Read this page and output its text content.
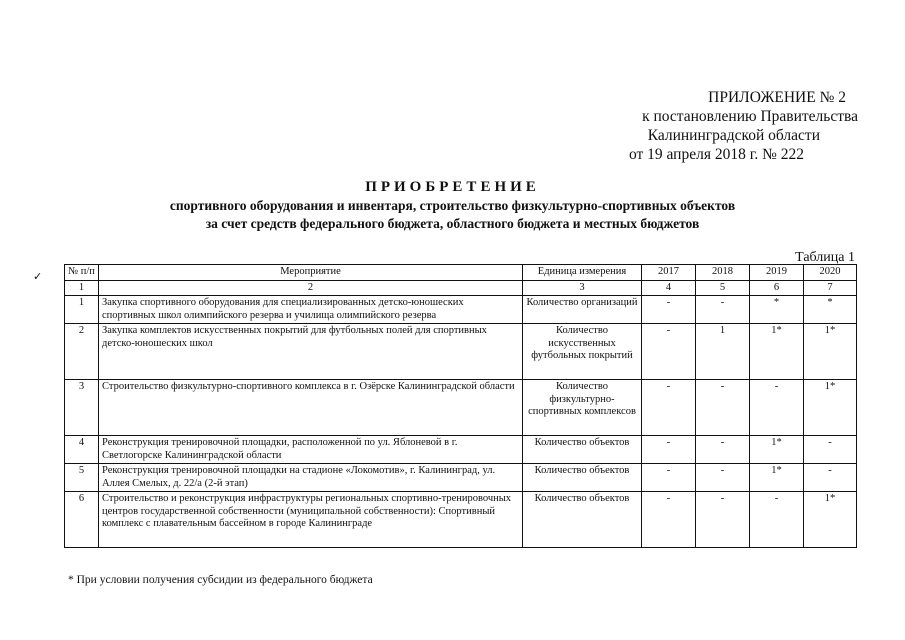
ПРИЛОЖЕНИЕ № 2
к постановлению Правительства
Калининградской области
от 19 апреля 2018 г. № 222
ПРИОБРЕТЕНИЕ
спортивного оборудования и инвентаря, строительство физкультурно-спортивных объектов
за счет средств федерального бюджета, областного бюджета и местных бюджетов
Таблица 1
✓ № п/п	Мероприятие	Единица измерения	2017	2018	2019	2020
1	2	3	4	5	6	7
1	Закупка спортивного оборудования для специализированных детско-юношеских спортивных школ олимпийского резерва и училища олимпийского резерва	Количество организаций	-	-	*	*
2	Закупка комплектов искусственных покрытий для футбольных полей для спортивных детско-юношеских школ	Количество искусственных футбольных покрытий	-	1	1*	1*
3	Строительство физкультурно-спортивного комплекса в г. Озёрске Калининградской области	Количество физкультурно-спортивных комплексов	-	-	-	1*
4	Реконструкция тренировочной площадки, расположенной по ул. Яблоневой в г. Светлогорске Калининградской области	Количество объектов	-	-	1*	-
5	Реконструкция тренировочной площадки на стадионе «Локомотив», г. Калининград, ул. Аллея Смелых, д. 22/а (2-й этап)	Количество объектов	-	-	1*	-
6	Строительство и реконструкция инфраструктуры региональных спортивно-тренировочных центров государственной собственности (муниципальной собственности): Спортивный комплекс с плавательным бассейном в городе Калининграде	Количество объектов	-	-	-	1*
* При условии получения субсидии из федерального бюджета
